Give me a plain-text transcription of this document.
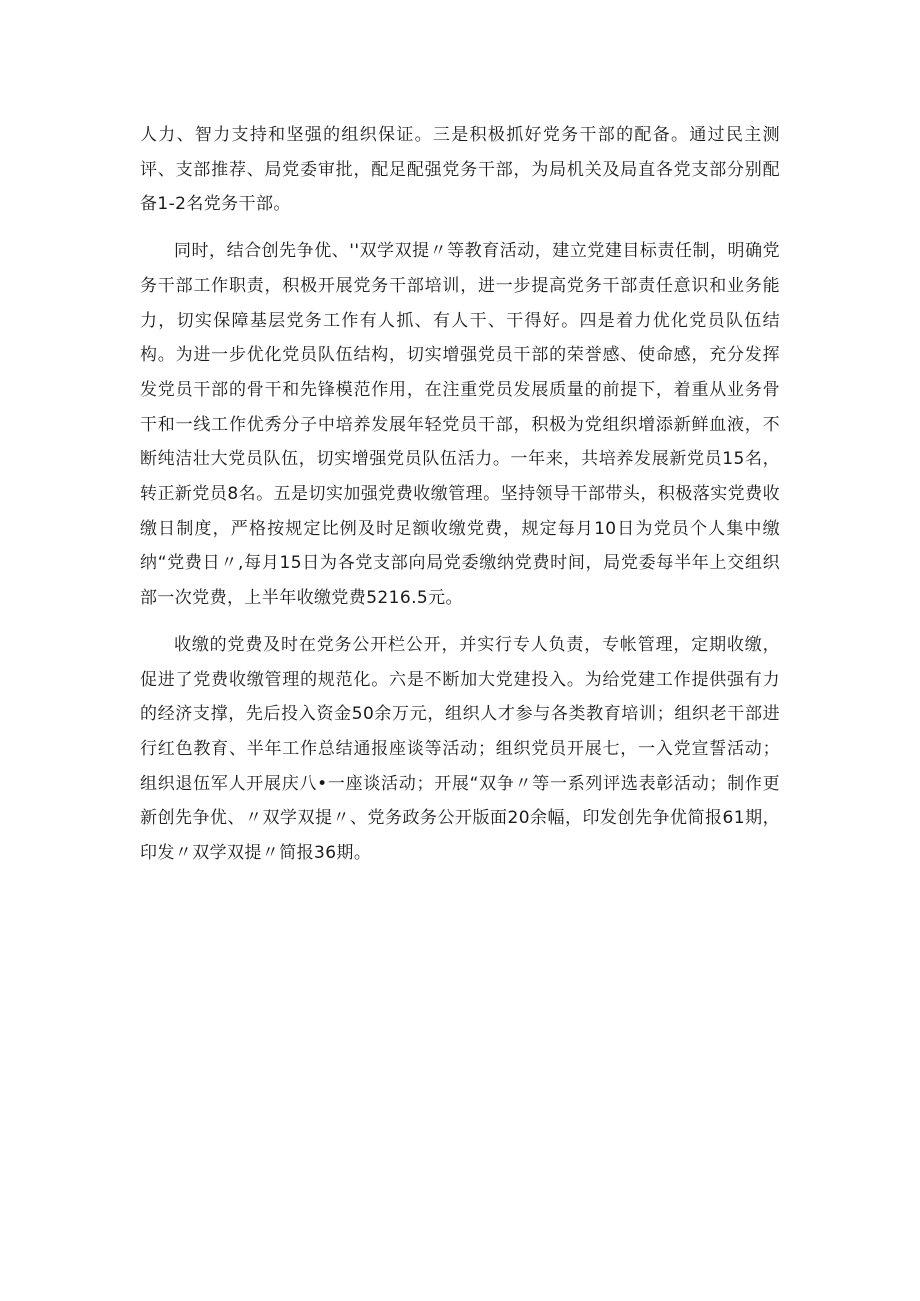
人力、智力支持和坚强的组织保证。三是积极抓好党务干部的配备。通过民主测评、支部推荐、局党委审批，配足配强党务干部，为局机关及局直各党支部分别配备1-2名党务干部。

同时，结合创先争优、''双学双提〃等教育活动，建立党建目标责任制，明确党务干部工作职责，积极开展党务干部培训，进一步提高党务干部责任意识和业务能力，切实保障基层党务工作有人抓、有人干、干得好。四是着力优化党员队伍结构。为进一步优化党员队伍结构，切实增强党员干部的荣誉感、使命感，充分发挥发党员干部的骨干和先锋模范作用，在注重党员发展质量的前提下，着重从业务骨干和一线工作优秀分子中培养发展年轻党员干部，积极为党组织增添新鲜血液，不断纯洁壮大党员队伍，切实增强党员队伍活力。一年来，共培养发展新党员15名，转正新党员8名。五是切实加强党费收缴管理。坚持领导干部带头，积极落实党费收缴日制度，严格按规定比例及时足额收缴党费，规定每月10日为党员个人集中缴纳“党费日〃,每月15日为各党支部向局党委缴纳党费时间，局党委每半年上交组织部一次党费，上半年收缴党费5216.5元。

收缴的党费及时在党务公开栏公开，并实行专人负责，专帐管理，定期收缴，促进了党费收缴管理的规范化。六是不断加大党建投入。为给党建工作提供强有力的经济支撑，先后投入资金50余万元，组织人才参与各类教育培训；组织老干部进行红色教育、半年工作总结通报座谈等活动；组织党员开展七，一入党宣誓活动；组织退伍军人开展庆八•一座谈活动；开展“双争〃等一系列评选表彰活动；制作更新创先争优、〃双学双提〃、党务政务公开版面20余幅，印发创先争优简报61期，印发〃双学双提〃简报36期。
